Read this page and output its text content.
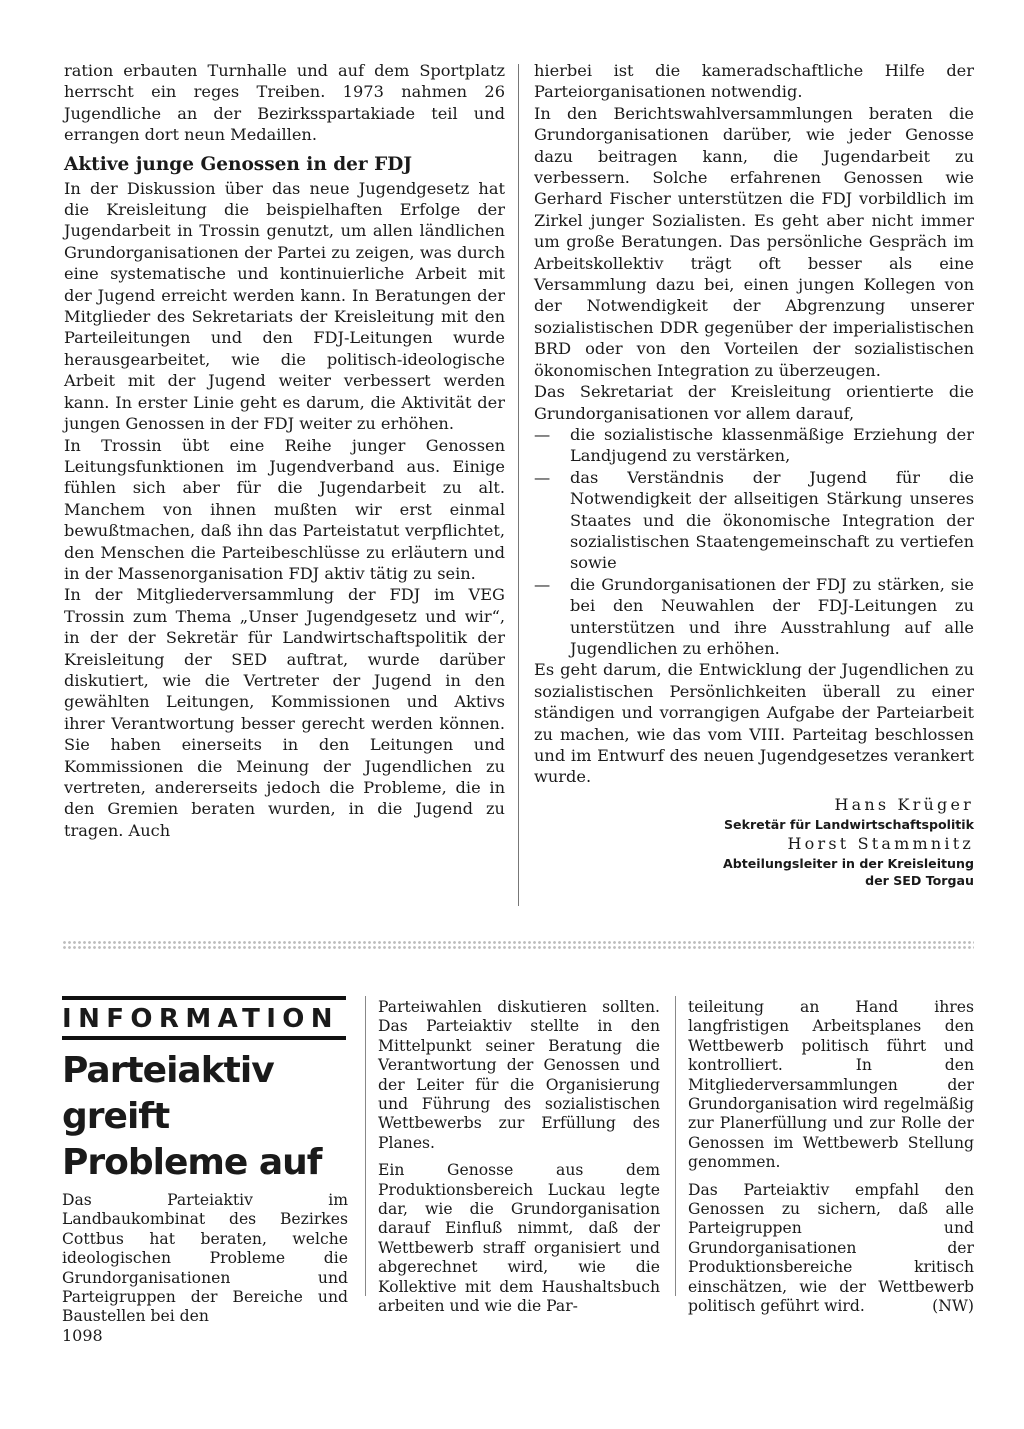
ration erbauten Turnhalle und auf dem Sportplatz herrscht ein reges Treiben. 1973 nahmen 26 Jugendliche an der Bezirksspartakiade teil und errangen dort neun Medaillen.

Aktive junge Genossen in der FDJ

In der Diskussion über das neue Jugendgesetz hat die Kreisleitung die beispielhaften Erfolge der Jugendarbeit in Trossin genutzt, um allen ländlichen Grundorganisationen der Partei zu zeigen, was durch eine systematische und kontinuierliche Arbeit mit der Jugend erreicht werden kann. In Beratungen der Mitglieder des Sekretariats der Kreisleitung mit den Parteileitungen und den FDJ-Leitungen wurde herausgearbeitet, wie die politisch-ideologische Arbeit mit der Jugend weiter verbessert werden kann. In erster Linie geht es darum, die Aktivität der jungen Genossen in der FDJ weiter zu erhöhen.

In Trossin übt eine Reihe junger Genossen Leitungsfunktionen im Jugendverband aus. Einige fühlen sich aber für die Jugendarbeit zu alt. Manchem von ihnen mußten wir erst einmal bewußtmachen, daß ihn das Parteistatut verpflichtet, den Menschen die Parteibeschlüsse zu erläutern und in der Massenorganisation FDJ aktiv tätig zu sein.

In der Mitgliederversammlung der FDJ im VEG Trossin zum Thema „Unser Jugendgesetz und wir“, in der der Sekretär für Landwirtschaftspolitik der Kreisleitung der SED auftrat, wurde darüber diskutiert, wie die Vertreter der Jugend in den gewählten Leitungen, Kommissionen und Aktivs ihrer Verantwortung besser gerecht werden können. Sie haben einerseits in den Leitungen und Kommissionen die Meinung der Jugendlichen zu vertreten, andererseits jedoch die Probleme, die in den Gremien beraten wurden, in die Jugend zu tragen. Auch

hierbei ist die kameradschaftliche Hilfe der Parteiorganisationen notwendig.

In den Berichtswahlversammlungen beraten die Grundorganisationen darüber, wie jeder Genosse dazu beitragen kann, die Jugendarbeit zu verbessern. Solche erfahrenen Genossen wie Gerhard Fischer unterstützen die FDJ vorbildlich im Zirkel junger Sozialisten. Es geht aber nicht immer um große Beratungen. Das persönliche Gespräch im Arbeitskollektiv trägt oft besser als eine Versammlung dazu bei, einen jungen Kollegen von der Notwendigkeit der Abgrenzung unserer sozialistischen DDR gegenüber der imperialistischen BRD oder von den Vorteilen der sozialistischen ökonomischen Integration zu überzeugen.

Das Sekretariat der Kreisleitung orientierte die Grundorganisationen vor allem darauf,

— die sozialistische klassenmäßige Erziehung der Landjugend zu verstärken,
— das Verständnis der Jugend für die Notwendigkeit der allseitigen Stärkung unseres Staates und die ökonomische Integration der sozialistischen Staatengemeinschaft zu vertiefen sowie
— die Grundorganisationen der FDJ zu stärken, sie bei den Neuwahlen der FDJ-Leitungen zu unterstützen und ihre Ausstrahlung auf alle Jugendlichen zu erhöhen.

Es geht darum, die Entwicklung der Jugendlichen zu sozialistischen Persönlichkeiten überall zu einer ständigen und vorrangigen Aufgabe der Parteiarbeit zu machen, wie das vom VIII. Parteitag beschlossen und im Entwurf des neuen Jugendgesetzes verankert wurde.

Hans Krüger
Sekretär für Landwirtschaftspolitik
Horst Stammnitz
Abteilungsleiter in der Kreisleitung
der SED Torgau
INFORMATION
Parteiaktiv
greift
Probleme auf

Das Parteiaktiv im Landbaukombinat des Bezirkes Cottbus hat beraten, welche ideologischen Probleme die Grundorganisationen und Parteigruppen der Bereiche und Baustellen bei den

Parteiwahlen diskutieren sollten. Das Parteiaktiv stellte in den Mittelpunkt seiner Beratung die Verantwortung der Genossen und der Leiter für die Organisierung und Führung des sozialistischen Wettbewerbs zur Erfüllung des Planes.

Ein Genosse aus dem Produktionsbereich Luckau legte dar, wie die Grundorganisation darauf Einfluß nimmt, daß der Wettbewerb straff organisiert und abgerechnet wird, wie die Kollektive mit dem Haushaltsbuch arbeiten und wie die Par-

teileitung an Hand ihres langfristigen Arbeitsplanes den Wettbewerb politisch führt und kontrolliert. In den Mitgliederversammlungen der Grundorganisation wird regelmäßig zur Planerfüllung und zur Rolle der Genossen im Wettbewerb Stellung genommen.

Das Parteiaktiv empfahl den Genossen zu sichern, daß alle Parteigruppen und Grundorganisationen der Produktionsbereiche kritisch einschätzen, wie der Wettbewerb politisch geführt wird.	(NW)

1098
